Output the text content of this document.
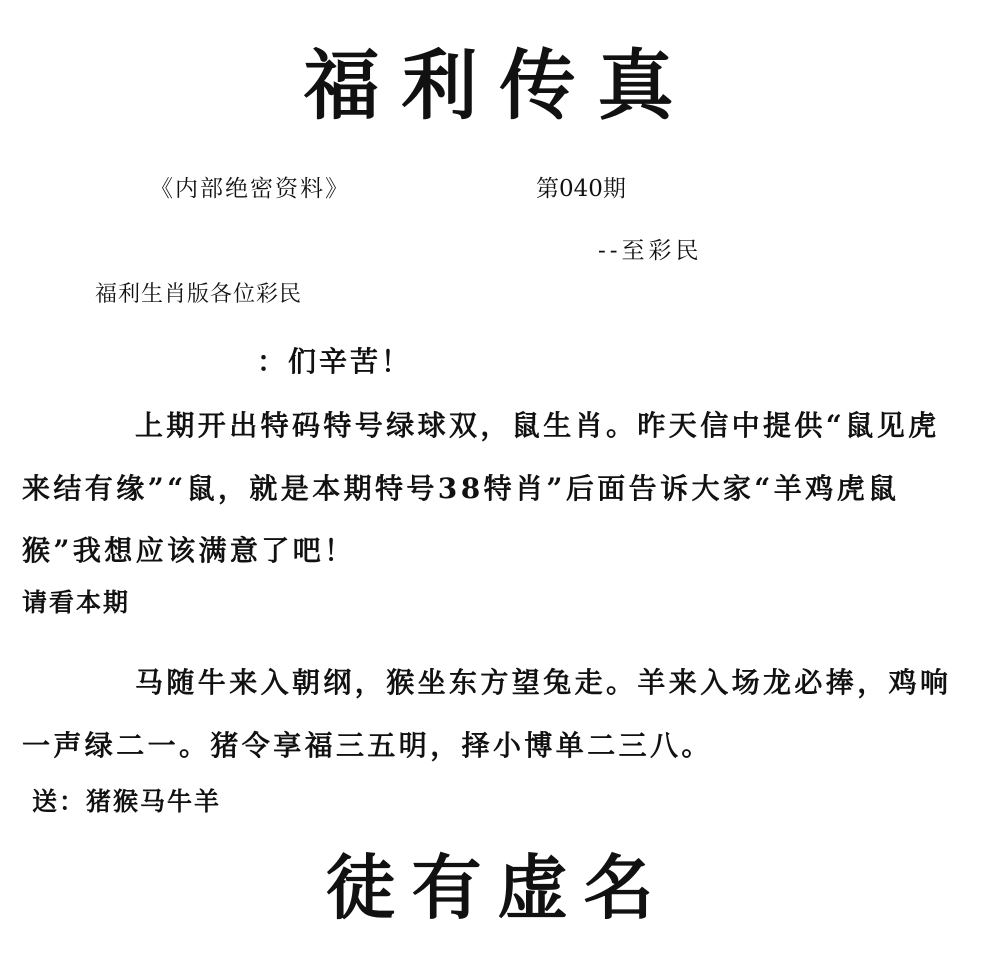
福利传真
《内部绝密资料》	第040期
--至彩民
福利生肖版各位彩民
：们辛苦！
上期开出特码特号绿球双，鼠生肖。昨天信中提供“鼠见虎来结有缘”“鼠，就是本期特号38特肖”后面告诉大家“羊鸡虎鼠猴”我想应该满意了吧！
请看本期
马随牛来入朝纲，猴坐东方望兔走。羊来入场龙必捧，鸡响一声绿二一。猪令享福三五明，择小博单二三八。
送：猪猴马牛羊
徒有虚名
